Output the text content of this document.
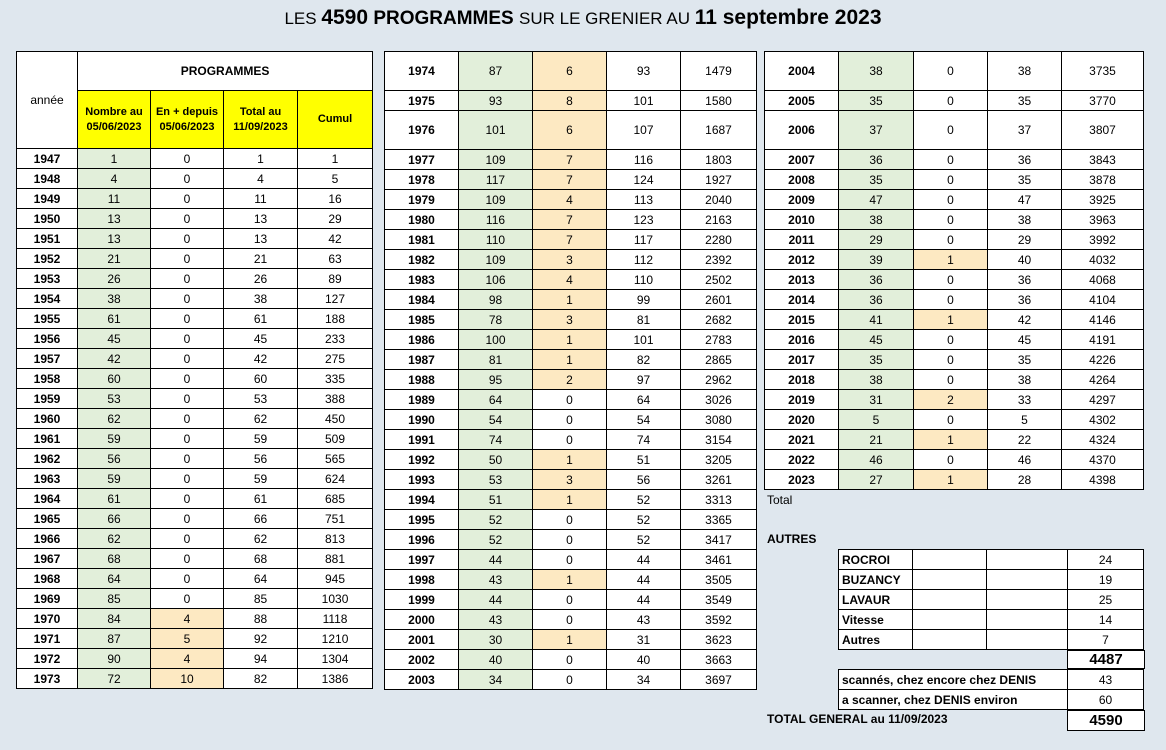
LES 4590 PROGRAMMES SUR LE GRENIER AU 11 septembre 2023
année	PROGRAMMES			
	Nombre au 05/06/2023	En + depuis 05/06/2023	Total au 11/09/2023	Cumul
1947	1	0	1	1
1948	4	0	4	5
1949	11	0	11	16
1950	13	0	13	29
1951	13	0	13	42
1952	21	0	21	63
1953	26	0	26	89
1954	38	0	38	127
1955	61	0	61	188
1956	45	0	45	233
1957	42	0	42	275
1958	60	0	60	335
1959	53	0	53	388
1960	62	0	62	450
1961	59	0	59	509
1962	56	0	56	565
1963	59	0	59	624
1964	61	0	61	685
1965	66	0	66	751
1966	62	0	62	813
1967	68	0	68	881
1968	64	0	64	945
1969	85	0	85	1030
1970	84	4	88	1118
1971	87	5	92	1210
1972	90	4	94	1304
1973	72	10	82	1386
1974	87	6	93	1479
1975	93	8	101	1580
1976	101	6	107	1687
1977	109	7	116	1803
1978	117	7	124	1927
1979	109	4	113	2040
1980	116	7	123	2163
1981	110	7	117	2280
1982	109	3	112	2392
1983	106	4	110	2502
1984	98	1	99	2601
1985	78	3	81	2682
1986	100	1	101	2783
1987	81	1	82	2865
1988	95	2	97	2962
1989	64	0	64	3026
1990	54	0	54	3080
1991	74	0	74	3154
1992	50	1	51	3205
1993	53	3	56	3261
1994	51	1	52	3313
1995	52	0	52	3365
1996	52	0	52	3417
1997	44	0	44	3461
1998	43	1	44	3505
1999	44	0	44	3549
2000	43	0	43	3592
2001	30	1	31	3623
2002	40	0	40	3663
2003	34	0	34	3697
2004	38	0	38	3735
2005	35	0	35	3770
2006	37	0	37	3807
2007	36	0	36	3843
2008	35	0	35	3878
2009	47	0	47	3925
2010	38	0	38	3963
2011	29	0	29	3992
2012	39	1	40	4032
2013	36	0	36	4068
2014	36	0	36	4104
2015	41	1	42	4146
2016	45	0	45	4191
2017	35	0	35	4226
2018	38	0	38	4264
2019	31	2	33	4297
2020	5	0	5	4302
2021	21	1	22	4324
2022	46	0	46	4370
2023	27	1	28	4398
Total
AUTRES
ROCROI			24
BUZANCY			19
LAVAUR			25
Vitesse			14
Autres			7
4487
scannés, chez encore chez DENIS	43
a scanner, chez DENIS environ	60
TOTAL GENERAL au 11/09/2023	4590
